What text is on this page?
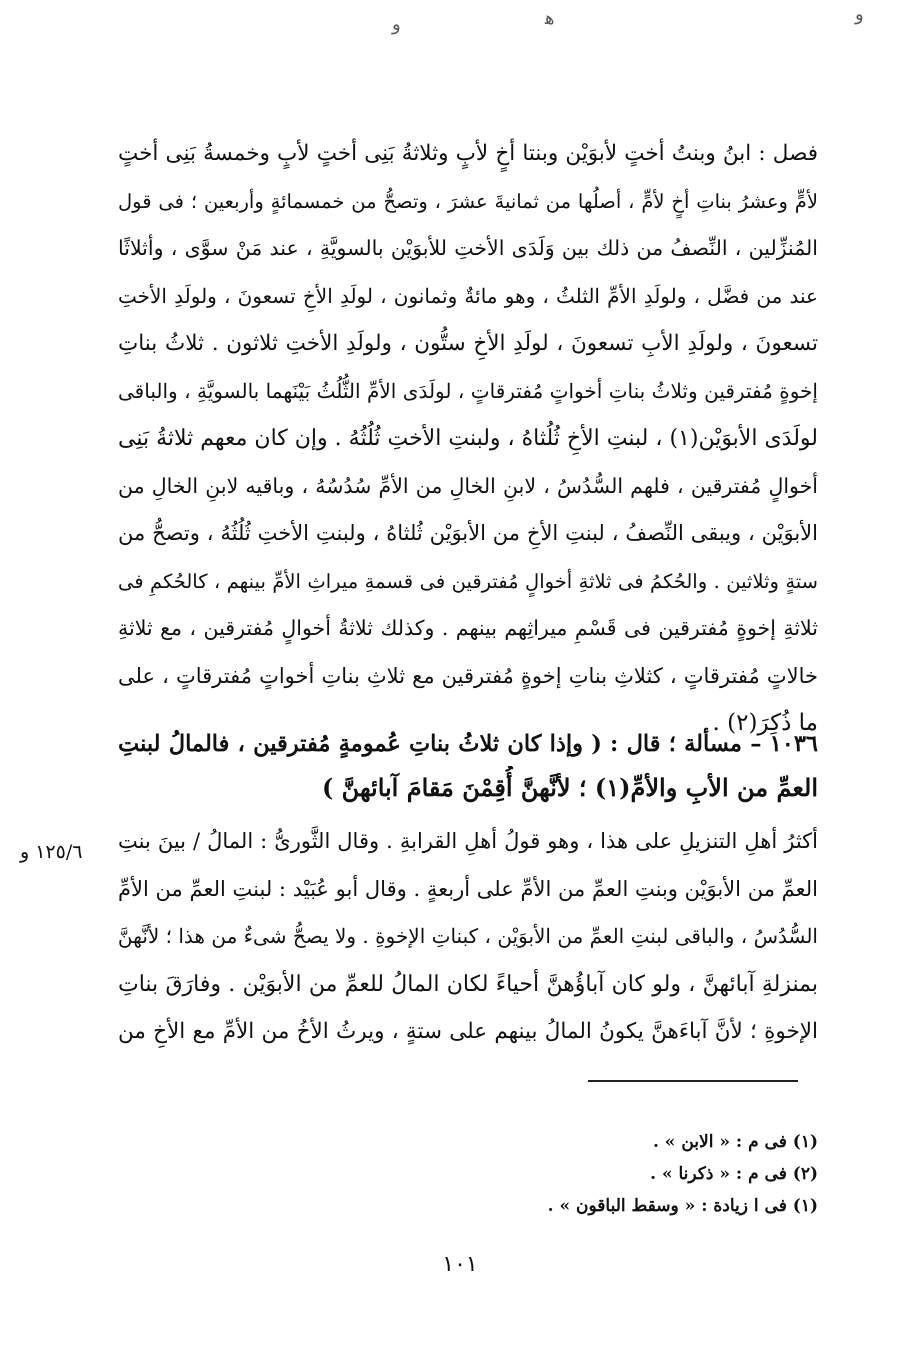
ﻭ	ﻫ	ﻭ

فصل : ابنُ وبنتُ أختٍ لأبوَيْن وبنتا أخٍ لأبٍ وثلاثةُ بَنِى أختٍ لأبٍ وخمسةُ بَنِى أختٍ

لأمٍّ وعشرُ بناتِ أخٍ لأمٍّ ، أصلُها من ثمانيةَ عشرَ ، وتصحُّ من خمسمائةٍ وأربعين ؛ فى قول

المُنزِّلين ، النِّصفُ من ذلك بين وَلَدَى الأختِ للأبوَيْن بالسويَّةِ ، عند مَنْ سوَّى ، وأثلاثًا

عند من فضَّل ، ولولَدِ الأمِّ الثلثُ ، وهو مائةٌ وثمانون ، لولَدِ الأخِ تسعونَ ، ولولَدِ الأختِ

تسعونَ ، ولولَدِ الأبِ تسعونَ ، لولَدِ الأخِ ستُّون ، ولولَدِ الأختِ ثلاثون . ثلاثُ بناتِ

إخوةٍ مُفترقين وثلاثُ بناتِ أخواتٍ مُفترقاتٍ ، لولَدَى الأمِّ الثُّلُثُ بَيْنَهما بالسويَّةِ ، والباقى

لولَدَى الأبوَيْن(١) ، لبنتِ الأخِ ثُلُثاهُ ، ولبنتِ الأختِ ثُلُثُهُ . وإن كان معهم ثلاثةُ بَنِى

أخوالٍ مُفترقين ، فلهم السُّدُسُ ، لابنِ الخالِ من الأمِّ سُدُسُهُ ، وباقيه لابنِ الخالِ من

الأبوَيْن ، ويبقى النِّصفُ ، لبنتِ الأخِ من الأبوَيْن ثُلثاهُ ، ولبنتِ الأختِ ثُلُثُهُ ، وتصحُّ من

ستةٍ وثلاثين . والحُكمُ فى ثلاثةِ أخوالٍ مُفترقين فى قسمةِ ميراثِ الأمِّ بينهم ، كالحُكمِ فى

ثلاثةِ إخوةٍ مُفترقين فى قَسْمِ ميراثِهم بينهم . وكذلك ثلاثةُ أخوالٍ مُفترقين ، مع ثلاثةِ

خالاتٍ مُفترقاتٍ ، كثلاثِ بناتِ إخوةٍ مُفترقين مع ثلاثِ بناتِ أخواتٍ مُفترقاتٍ ، على

ما ذُكِرَ(٢) .

١٠٣٦ – مسألة ؛ قال : ( وإذا كان ثلاثُ بناتِ عُمومةٍ مُفترقين ، فالمالُ لبنتِ

العمِّ من الأبِ والأمِّ(١) ؛ لأنَّهنَّ أُقِمْنَ مَقامَ آبائهنَّ )

أكثرُ أهلِ التنزيلِ على هذا ، وهو قولُ أهلِ القرابةِ . وقال الثَّورىُّ : المالُ / بينَ بنتِ

العمِّ من الأبوَيْن وبنتِ العمِّ من الأمِّ على أربعةٍ . وقال أبو عُبَيْد : لبنتِ العمِّ من الأمِّ

السُّدُسُ ، والباقى لبنتِ العمِّ من الأبوَيْن ، كبناتِ الإخوةِ . ولا يصحُّ شىءٌ من هذا ؛ لأنَّهنَّ

بمنزلةِ آبائهنَّ ، ولو كان آباؤُهنَّ أحياءً لكان المالُ للعمِّ من الأبوَيْن . وفارَقَ بناتِ

الإخوةِ ؛ لأنَّ آباءَهنَّ يكونُ المالُ بينهم على ستةٍ ، ويرثُ الأخُ من الأمِّ مع الأخِ من

١٢٥/٦ و

(١) فى م : « الابن » .

(٢) فى م : « ذكرنا » .

(١) فى ا زيادة : « وسقط الباقون » .

١٠١
